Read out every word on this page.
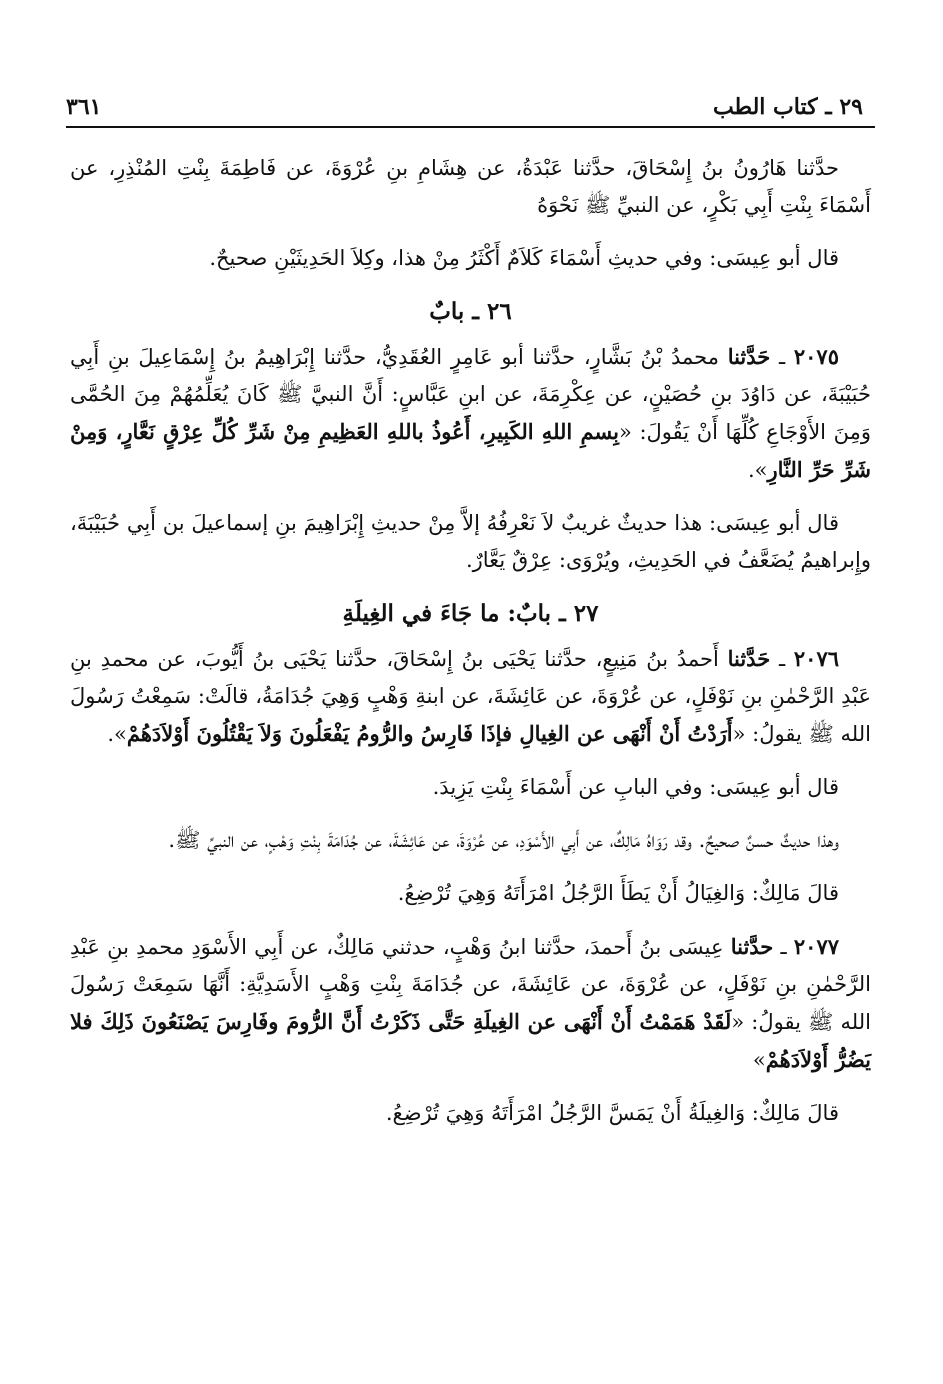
٢٩ ـ كتاب الطب
٣٦١

حدَّثنا هَارُونُ بنُ إِسْحَاقَ، حدَّثنا عَبْدَةُ، عن هِشَامِ بنِ عُرْوَةَ، عن فَاطِمَةَ بِنْتِ المُنْذِرِ، عن أَسْمَاءَ بِنْتِ أَبِي بَكْرٍ، عن النبيِّ ﷺ نَحْوَهُ

قال أبو عِيسَى: وفي حديثِ أَسْمَاءَ كَلاَمٌ أَكْثَرُ مِنْ هذا، وكِلاَ الحَدِيثَيْنِ صحيحٌ.

٢٦ ـ بابٌ

٢٠٧٥ ـ حَدَّثنا محمدُ بْنُ بَشَّارٍ، حدَّثنا أبو عَامِرٍ العُقَدِيُّ، حدَّثنا إِبْرَاهِيمُ بنُ إِسْمَاعِيلَ بنِ أَبِي حُبَيْبَةَ، عن دَاوُدَ بنِ حُصَيْنٍ، عن عِكْرِمَةَ، عن ابنِ عَبَّاسٍ: أَنَّ النبيَّ ﷺ كَانَ يُعَلِّمُهُمْ مِنَ الحُمَّى وَمِنَ الأَوْجَاعِ كُلِّهَا أَنْ يَقُولَ: «بِسمِ اللهِ الكَبِيرِ، أَعُوذُ باللهِ العَظِيمِ مِنْ شَرِّ كُلِّ عِرْقٍ نَعَّارٍ، وَمِنْ شَرِّ حَرِّ النَّارِ».

قال أبو عِيسَى: هذا حديثٌ غريبٌ لاَ نَعْرِفُهُ إلاَّ مِنْ حديثِ إِبْرَاهِيمَ بنِ إسماعيلَ بن أَبِي حُبَيْبَةَ، وإِبراهيمُ يُضَعَّفُ في الحَدِيثِ، ويُرْوَى: عِرْقٌ يَعَّارٌ.

٢٧ ـ بابٌ: ما جَاءَ في الغِيلَةِ

٢٠٧٦ ـ حَدَّثنا أَحمدُ بنُ مَنِيعٍ، حدَّثنا يَحْيَى بنُ إِسْحَاقَ، حدَّثنا يَحْيَى بنُ أَيُّوبَ، عن محمدِ بنِ عَبْدِ الرَّحْمٰنِ بنِ نَوْفَلٍ، عن عُرْوَةَ، عن عَائِشَةَ، عن ابنةِ وَهْبٍ وَهِيَ جُدَامَةُ، قالَتْ: سَمِعْتُ رَسُولَ الله ﷺ يقولُ: «أَرَدْتُ أَنْ أَنْهَى عن الغِيالِ فإذَا فَارِسُ والرُّومُ يَفْعَلُونَ وَلاَ يَقْتُلُونَ أَوْلاَدَهُمْ».

قال أبو عِيسَى: وفي البابِ عن أَسْمَاءَ بِنْتِ يَزِيدَ.

وهذا حديثٌ حسنٌ صحيحٌ. وقد رَوَاهُ مَالِكٌ، عن أَبِي الأَسْوَدِ، عن عُرْوَةَ، عن عَائِشَةَ، عن جُدَامَةَ بِنْتِ وَهْبٍ، عن النبيِّ ﷺ.

قالَ مَالِكٌ: وَالغِيَالُ أَنْ يَطَأَ الرَّجُلُ امْرَأَتَهُ وَهِيَ تُرْضِعُ.

٢٠٧٧ ـ حدَّثنا عِيسَى بنُ أَحمدَ، حدَّثنا ابنُ وَهْبٍ، حدثني مَالِكٌ، عن أَبِي الأَسْوَدِ محمدِ بنِ عَبْدِ الرَّحْمٰنِ بنِ نَوْفَلٍ، عن عُرْوَةَ، عن عَائِشَةَ، عن جُدَامَةَ بِنْتِ وَهْبٍ الأَسَدِيَّةِ: أَنَّهَا سَمِعَتْ رَسُولَ الله ﷺ يقولُ: «لَقَدْ هَمَمْتُ أَنْ أَنْهَى عن الغِيلَةِ حَتَّى ذَكَرْتُ أَنَّ الرُّومَ وفَارِسَ يَصْنَعُونَ ذَلِكَ فلا يَضُرُّ أَوْلاَدَهُمْ»

قالَ مَالِكٌ: وَالغِيلَةُ أَنْ يَمَسَّ الرَّجُلُ امْرَأَتَهُ وَهِيَ تُرْضِعُ.
